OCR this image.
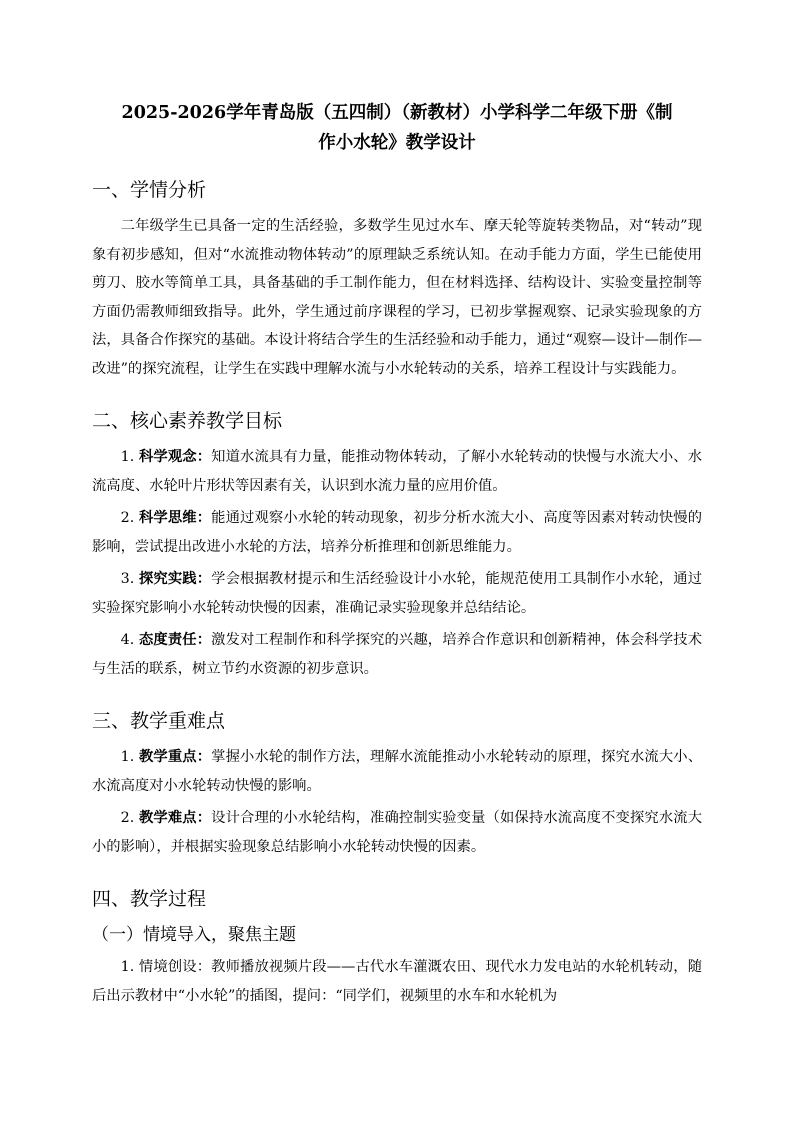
2025-2026学年青岛版（五四制）（新教材）小学科学二年级下册《制
作小水轮》教学设计
一、学情分析

二年级学生已具备一定的生活经验，多数学生见过水车、摩天轮等旋转类物品，对“转动”现象有初步感知，但对“水流推动物体转动”的原理缺乏系统认知。在动手能力方面，学生已能使用剪刀、胶水等简单工具，具备基础的手工制作能力，但在材料选择、结构设计、实验变量控制等方面仍需教师细致指导。此外，学生通过前序课程的学习，已初步掌握观察、记录实验现象的方法，具备合作探究的基础。本设计将结合学生的生活经验和动手能力，通过“观察—设计—制作—改进”的探究流程，让学生在实践中理解水流与小水轮转动的关系，培养工程设计与实践能力。

二、核心素养教学目标
1. 科学观念：知道水流具有力量，能推动物体转动，了解小水轮转动的快慢与水流大小、水流高度、水轮叶片形状等因素有关，认识到水流力量的应用价值。
2. 科学思维：能通过观察小水轮的转动现象，初步分析水流大小、高度等因素对转动快慢的影响，尝试提出改进小水轮的方法，培养分析推理和创新思维能力。
3. 探究实践：学会根据教材提示和生活经验设计小水轮，能规范使用工具制作小水轮，通过实验探究影响小水轮转动快慢的因素，准确记录实验现象并总结结论。
4. 态度责任：激发对工程制作和科学探究的兴趣，培养合作意识和创新精神，体会科学技术与生活的联系，树立节约水资源的初步意识。
三、教学重难点
1. 教学重点：掌握小水轮的制作方法，理解水流能推动小水轮转动的原理，探究水流大小、水流高度对小水轮转动快慢的影响。
2. 教学难点：设计合理的小水轮结构，准确控制实验变量（如保持水流高度不变探究水流大小的影响），并根据实验现象总结影响小水轮转动快慢的因素。
四、教学过程
（一）情境导入，聚焦主题

1. 情境创设：教师播放视频片段——古代水车灌溉农田、现代水力发电站的水轮机转动，随后出示教材中“小水轮”的插图，提问：“同学们，视频里的水车和水轮机为
